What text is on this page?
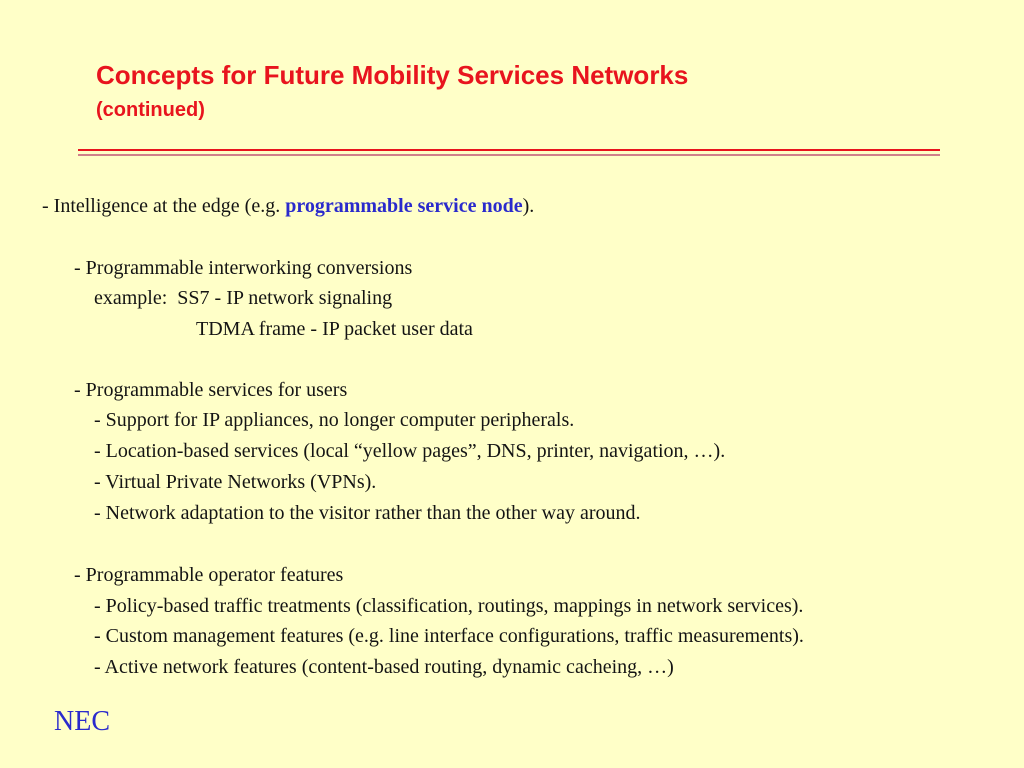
Concepts for Future Mobility Services Networks
(continued)
- Intelligence at the edge (e.g. programmable service node).
- Programmable interworking conversions
example:  SS7 - IP network signaling
TDMA frame - IP packet user data
- Programmable services for users
- Support for IP appliances, no longer computer peripherals.
- Location-based services (local “yellow pages”, DNS, printer, navigation, …).
- Virtual Private Networks (VPNs).
- Network adaptation to the visitor rather than the other way around.
- Programmable operator features
- Policy-based traffic treatments (classification, routings, mappings in network services).
- Custom management features (e.g. line interface configurations, traffic measurements).
- Active network features (content-based routing, dynamic cacheing, …)
NEC
